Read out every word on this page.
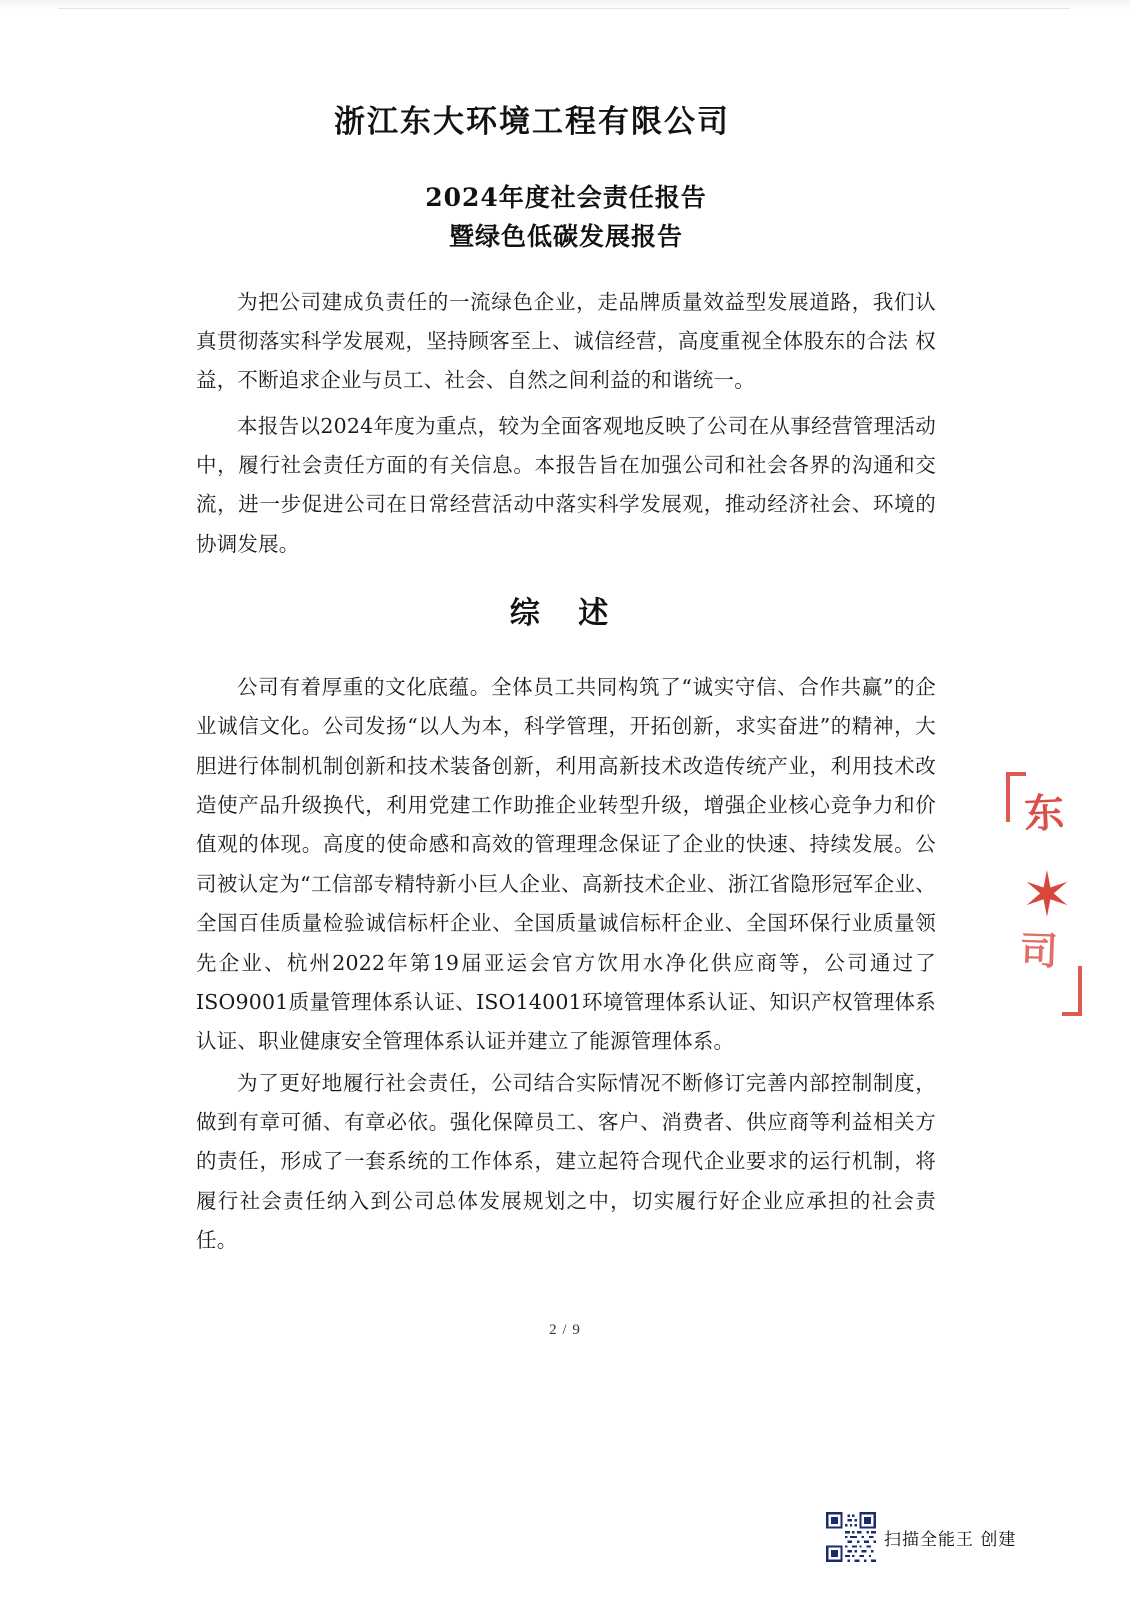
浙江东大环境工程有限公司
2024年度社会责任报告
暨绿色低碳发展报告

为把公司建成负责任的一流绿色企业，走品牌质量效益型发展道路，我们认真贯彻落实科学发展观，坚持顾客至上、诚信经营，高度重视全体股东的合法 权益，不断追求企业与员工、社会、自然之间利益的和谐统一。

本报告以2024年度为重点，较为全面客观地反映了公司在从事经营管理活动中，履行社会责任方面的有关信息。本报告旨在加强公司和社会各界的沟通和交流，进一步促进公司在日常经营活动中落实科学发展观，推动经济社会、环境的协调发展。

综 述

公司有着厚重的文化底蕴。全体员工共同构筑了“诚实守信、合作共赢”的企业诚信文化。公司发扬“以人为本，科学管理，开拓创新，求实奋进”的精神，大胆进行体制机制创新和技术装备创新，利用高新技术改造传统产业，利用技术改造使产品升级换代，利用党建工作助推企业转型升级，增强企业核心竞争力和价值观的体现。高度的使命感和高效的管理理念保证了企业的快速、持续发展。公司被认定为“工信部专精特新小巨人企业、高新技术企业、浙江省隐形冠军企业、全国百佳质量检验诚信标杆企业、全国质量诚信标杆企业、全国环保行业质量领先企业、杭州2022年第19届亚运会官方饮用水净化供应商等，公司通过了ISO9001质量管理体系认证、ISO14001环境管理体系认证、知识产权管理体系认证、职业健康安全管理体系认证并建立了能源管理体系。

为了更好地履行社会责任，公司结合实际情况不断修订完善内部控制制度，做到有章可循、有章必依。强化保障员工、客户、消费者、供应商等利益相关方的责任，形成了一套系统的工作体系，建立起符合现代企业要求的运行机制，将履行社会责任纳入到公司总体发展规划之中，切实履行好企业应承担的社会责任。

2 / 9
东
✶
司
扫描全能王 创建
